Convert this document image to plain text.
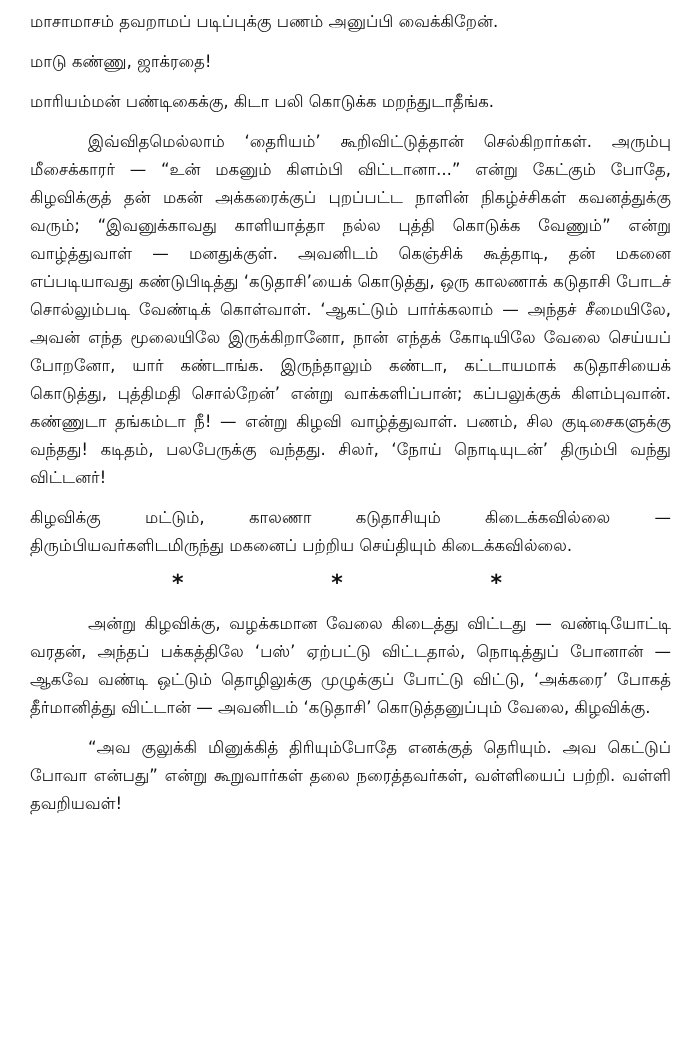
மாசாமாசம் தவறாமப் படிப்புக்கு பணம் அனுப்பி வைக்கிறேன்.

மாடு கண்ணு, ஜாக்ரதை!

மாரியம்மன் பண்டிகைக்கு, கிடா பலி கொடுக்க மறந்துடாதீங்க.

இவ்விதமெல்லாம் ‘தைரியம்’ கூறிவிட்டுத்தான் செல்கிறார்கள். அரும்பு மீசைக்காரர் — “உன் மகனும் கிளம்பி விட்டானா...” என்று கேட்கும் போதே, கிழவிக்குத் தன் மகன் அக்கரைக்குப் புறப்பட்ட நாளின் நிகழ்ச்சிகள் கவனத்துக்கு வரும்; “இவனுக்காவது காளியாத்தா நல்ல புத்தி கொடுக்க வேணும்” என்று வாழ்த்துவாள் — மனதுக்குள். அவனிடம் கெஞ்சிக் கூத்தாடி, தன் மகனை எப்படியாவது கண்டுபிடித்து ‘கடுதாசி’யைக் கொடுத்து, ஒரு காலணாக் கடுதாசி போடச் சொல்லும்படி வேண்டிக் கொள்வாள். ‘ஆகட்டும் பார்க்கலாம் — அந்தச் சீமையிலே, அவன் எந்த மூலையிலே இருக்கிறானோ, நான் எந்தக் கோடியிலே வேலை செய்யப் போறனோ, யார் கண்டாங்க. இருந்தாலும் கண்டா, கட்டாயமாக் கடுதாசியைக் கொடுத்து, புத்திமதி சொல்றேன்’ என்று வாக்களிப்பான்; கப்பலுக்குக் கிளம்புவான். கண்ணுடா தங்கம்டா நீ! — என்று கிழவி வாழ்த்துவாள். பணம், சில குடிசைகளுக்கு வந்தது! கடிதம், பலபேருக்கு வந்தது. சிலர், ‘நோய் நொடியுடன்’ திரும்பி வந்து விட்டனர்!

கிழவிக்கு மட்டும், காலணா கடுதாசியும் கிடைக்கவில்லை — திரும்பியவர்களிடமிருந்து மகனைப் பற்றிய செய்தியும் கிடைக்கவில்லை.

*	*	*

அன்று கிழவிக்கு, வழக்கமான வேலை கிடைத்து விட்டது — வண்டியோட்டி வரதன், அந்தப் பக்கத்திலே ‘பஸ்’ ஏற்பட்டு விட்டதால், நொடித்துப் போனான் — ஆகவே வண்டி ஒட்டும் தொழிலுக்கு முழுக்குப் போட்டு விட்டு, ‘அக்கரை’ போகத் தீர்மானித்து விட்டான் — அவனிடம் ‘கடுதாசி’ கொடுத்தனுப்பும் வேலை, கிழவிக்கு.

“அவ குலுக்கி மினுக்கித் திரியும்போதே எனக்குத் தெரியும். அவ கெட்டுப் போவா என்பது” என்று கூறுவார்கள் தலை நரைத்தவர்கள், வள்ளியைப் பற்றி. வள்ளி தவறியவள்!
